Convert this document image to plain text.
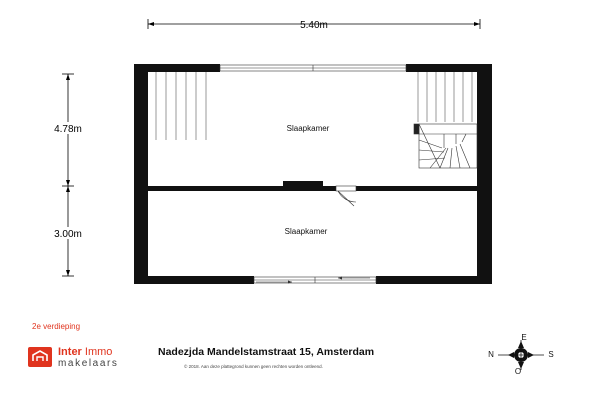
5.40m
4.78m
3.00m
Slaapkamer
Slaapkamer
N
E
S
O
2e verdieping
Inter Immo
makelaars
Nadezjda Mandelstamstraat 15, Amsterdam
© 2018. Aan deze plattegrond kunnen geen rechten worden ontleend.
